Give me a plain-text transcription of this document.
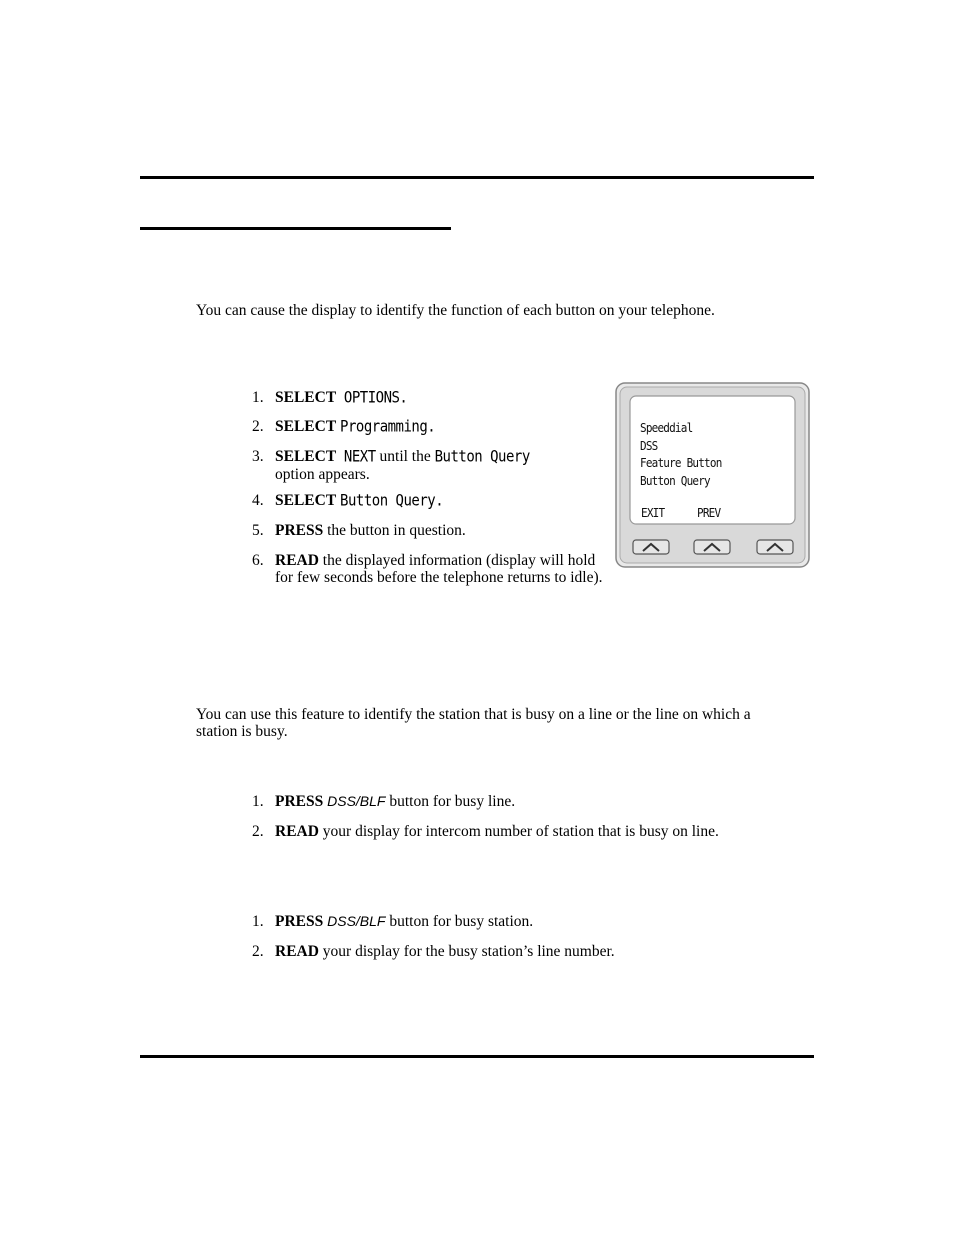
You can cause the display to identify the function of each button on your telephone.
1. SELECT OPTIONS.
2. SELECT Programming.
3. SELECT NEXT until the Button Query
option appears.
4. SELECT Button Query.
5. PRESS the button in question.
6. READ the displayed information (display will hold for few seconds before the telephone returns to idle).
Speeddial
DSS
Feature Button
Button Query
EXIT	PREV
You can use this feature to identify the station that is busy on a line or the line on which a station is busy.
1. PRESS DSS/BLF button for busy line.
2. READ your display for intercom number of station that is busy on line.
1. PRESS DSS/BLF button for busy station.
2. READ your display for the busy station’s line number.
